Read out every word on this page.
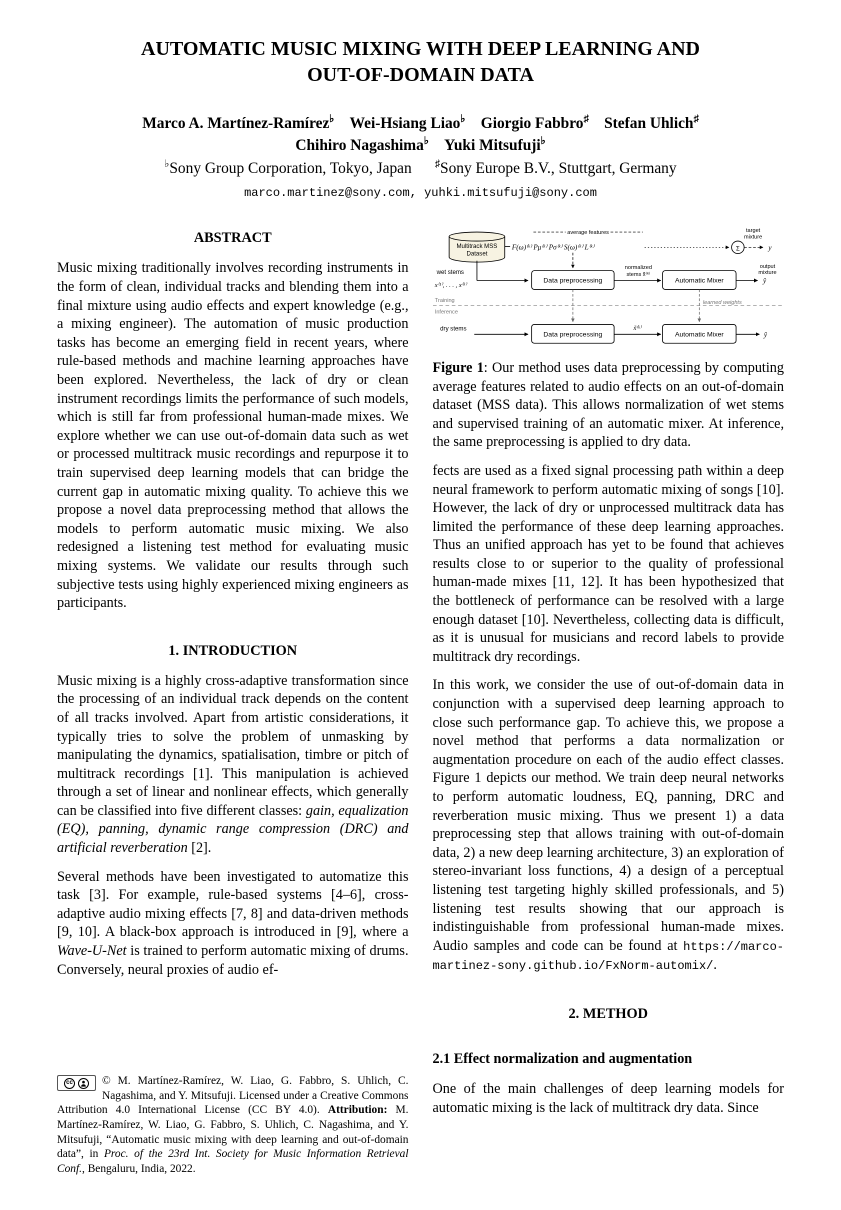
AUTOMATIC MUSIC MIXING WITH DEEP LEARNING AND
OUT-OF-DOMAIN DATA
Marco A. Martínez-Ramírez♭  Wei-Hsiang Liao♭  Giorgio Fabbro♯  Stefan Uhlich♯
Chihiro Nagashima♭  Yuki Mitsufuji♭
♭Sony Group Corporation, Tokyo, Japan   ♯Sony Europe B.V., Stuttgart, Germany
marco.martinez@sony.com, yuhki.mitsufuji@sony.com
ABSTRACT

Music mixing traditionally involves recording instruments in the form of clean, individual tracks and blending them into a final mixture using audio effects and expert knowledge (e.g., a mixing engineer). The automation of music production tasks has become an emerging field in recent years, where rule-based methods and machine learning approaches have been explored. Nevertheless, the lack of dry or clean instrument recordings limits the performance of such models, which is still far from professional human-made mixes. We explore whether we can use out-of-domain data such as wet or processed multitrack music recordings and repurpose it to train supervised deep learning models that can bridge the current gap in automatic mixing quality. To achieve this we propose a novel data preprocessing method that allows the models to perform automatic music mixing. We also redesigned a listening test method for evaluating music mixing systems. We validate our results through such subjective tests using highly experienced mixing engineers as participants.

1. INTRODUCTION

Music mixing is a highly cross-adaptive transformation since the processing of an individual track depends on the content of all tracks involved. Apart from artistic considerations, it typically tries to solve the problem of unmasking by manipulating the dynamics, spatialisation, timbre or pitch of multitrack recordings [1]. This manipulation is achieved through a set of linear and nonlinear effects, which generally can be classified into five different classes: gain, equalization (EQ), panning, dynamic range compression (DRC) and artificial reverberation [2].

Several methods have been investigated to automatize this task [3]. For example, rule-based systems [4–6], cross-adaptive audio mixing effects [7, 8] and data-driven methods [9, 10]. A black-box approach is introduced in [9], where a Wave-U-Net is trained to perform automatic mixing of drums. Conversely, neural proxies of audio ef-

cc	© M. Martínez-Ramírez, W. Liao, G. Fabbro, S. Uhlich, C. Nagashima, and Y. Mitsufuji. Licensed under a Creative Commons Attribution 4.0 International License (CC BY 4.0). Attribution: M. Martínez-Ramírez, W. Liao, G. Fabbro, S. Uhlich, C. Nagashima, and Y. Mitsufuji, “Automatic music mixing with deep learning and out-of-domain data”, in Proc. of the 23rd Int. Society for Music Information Retrieval Conf., Bengaluru, India, 2022.
Multitrack MSS
Dataset
average features
F(ω)⁽ᵏ⁾ Pμ⁽ᵏ⁾ Pσ⁽ᵏ⁾ S(ω)⁽ᵏ⁾ L⁽ᵏ⁾	Σ
target
mixture
y
wet stems
x⁽¹⁾, . . . , x⁽ᵏ⁾
Data preprocessing
normalized
stems x̃⁽ᵏ⁾
Automatic Mixer
output
mixture
ŷ
Training
Inference
learned weights
dry stems
Data preprocessing
x̃⁽ᵏ⁾
Automatic Mixer	ŷ

Figure 1: Our method uses data preprocessing by computing average features related to audio effects on an out-of-domain dataset (MSS data). This allows normalization of wet stems and supervised training of an automatic mixer. At inference, the same preprocessing is applied to dry data.

fects are used as a fixed signal processing path within a deep neural framework to perform automatic mixing of songs [10]. However, the lack of dry or unprocessed multitrack data has limited the performance of these deep learning approaches. Thus an unified approach has yet to be found that achieves results close to or superior to the quality of professional human-made mixes [11, 12]. It has been hypothesized that the bottleneck of performance can be resolved with a large enough dataset [10]. Nevertheless, collecting data is difficult, as it is unusual for musicians and record labels to provide multitrack dry recordings.

In this work, we consider the use of out-of-domain data in conjunction with a supervised deep learning approach to close such performance gap. To achieve this, we propose a novel method that performs a data normalization or augmentation procedure on each of the audio effect classes. Figure 1 depicts our method. We train deep neural networks to perform automatic loudness, EQ, panning, DRC and reverberation music mixing. Thus we present 1) a data preprocessing step that allows training with out-of-domain data, 2) a new deep learning architecture, 3) an exploration of stereo-invariant loss functions, 4) a design of a perceptual listening test targeting highly skilled professionals, and 5) listening test results showing that our approach is indistinguishable from professional human-made mixes. Audio samples and code can be found at https://marco-martinez-sony.github.io/FxNorm-automix/.

2. METHOD
2.1 Effect normalization and augmentation

One of the main challenges of deep learning models for automatic mixing is the lack of multitrack dry data. Since
